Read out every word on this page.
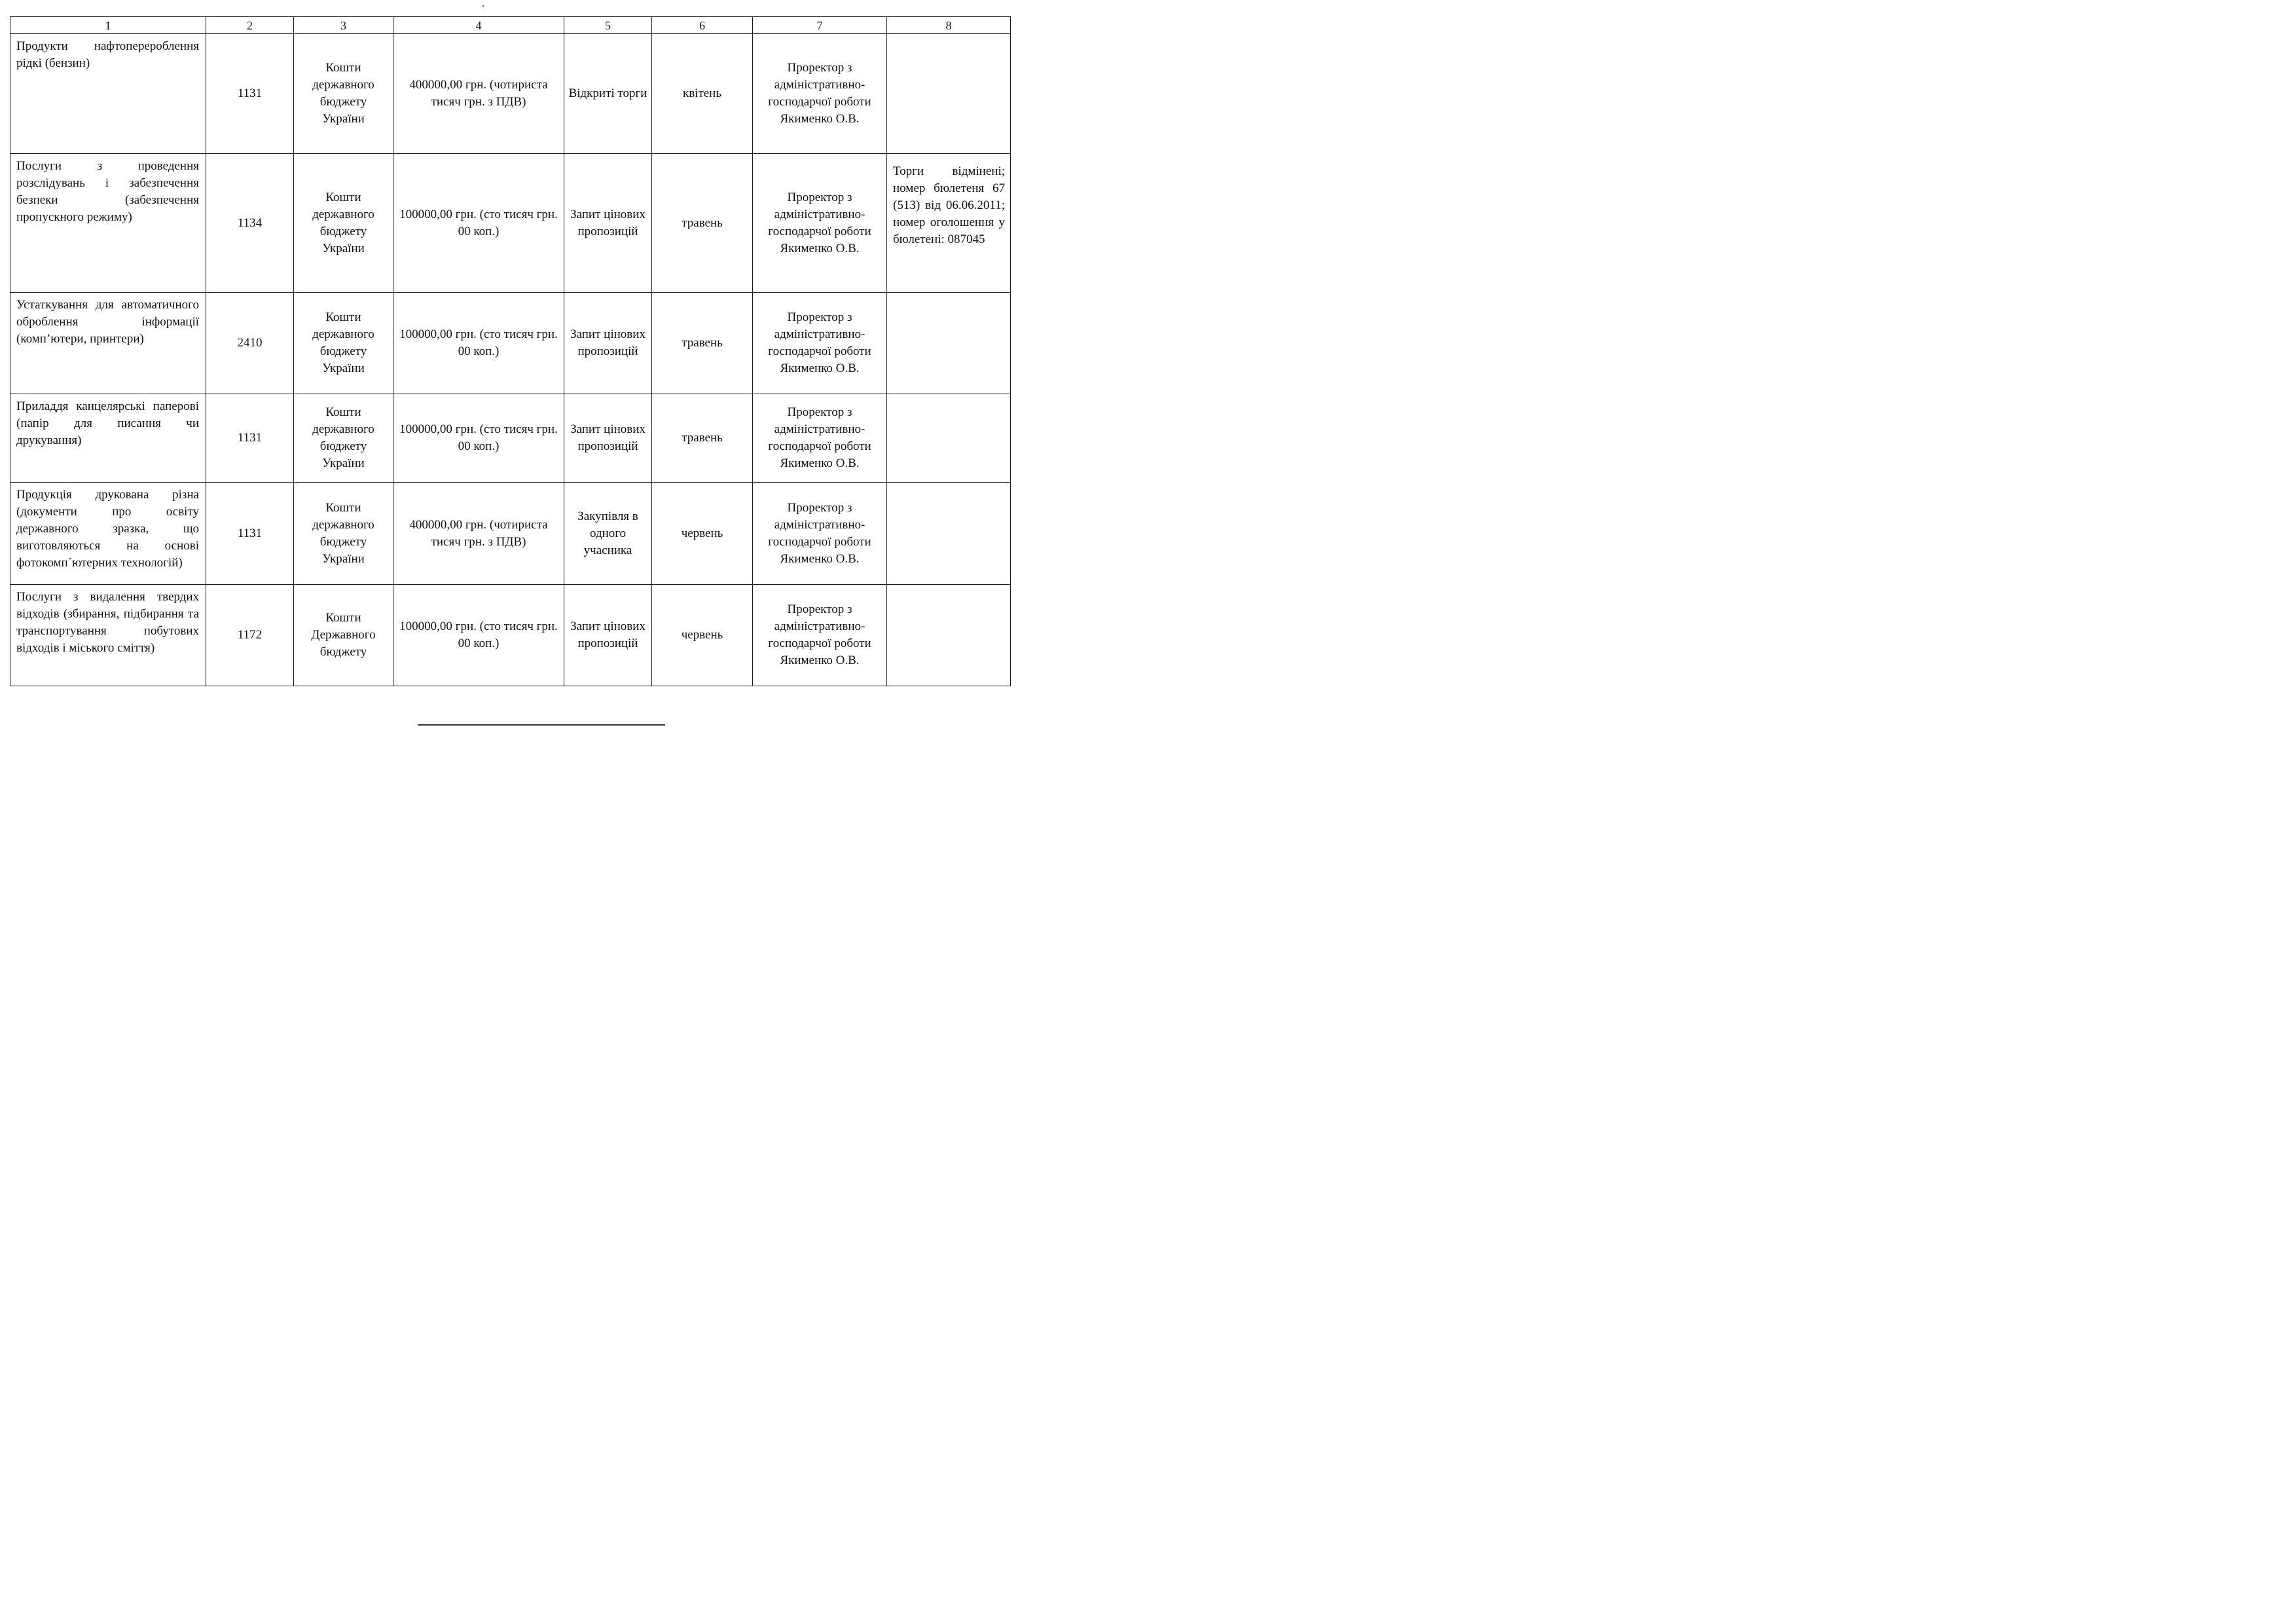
1	2	3	4	5	6	7	8
Продукти нафтоперероблення рідкі (бензин)	1131	Кошти державного бюджету України	400000,00 грн. (чотириста тисяч грн. з ПДВ)	Відкриті торги	квітень	Проректор з адміністративно-господарчої роботи Якименко О.В.	
Послуги з проведення розслідувань і забезпечення безпеки (забезпечення пропускного режиму)	1134	Кошти державного бюджету України	100000,00 грн. (сто тисяч грн. 00 коп.)	Запит цінових пропозицій	травень	Проректор з адміністративно-господарчої роботи Якименко О.В.	Торги відмінені; номер бюлетеня 67 (513) від 06.06.2011; номер оголошення у бюлетені: 087045
Устаткування для автоматичного оброблення інформації (комп’ютери, принтери)	2410	Кошти державного бюджету України	100000,00 грн. (сто тисяч грн. 00 коп.)	Запит цінових пропозицій	травень	Проректор з адміністративно-господарчої роботи Якименко О.В.	
Приладдя канцелярські паперові (папір для писання чи друкування)	1131	Кошти державного бюджету України	100000,00 грн. (сто тисяч грн. 00 коп.)	Запит цінових пропозицій	травень	Проректор з адміністративно-господарчої роботи Якименко О.В.	
Продукція друкована різна (документи про освіту державного зразка, що виготовляються на основі фотокомп´ютерних технологій)	1131	Кошти державного бюджету України	400000,00 грн. (чотириста тисяч грн. з ПДВ)	Закупівля в одного учасника	червень	Проректор з адміністративно-господарчої роботи Якименко О.В.	
Послуги з видалення твердих відходів (збирання, підбирання та транспортування побутових відходів і міського сміття)	1172	Кошти Державного бюджету	100000,00 грн. (сто тисяч грн. 00 коп.)	Запит цінових пропозицій	червень	Проректор з адміністративно-господарчої роботи Якименко О.В.	
